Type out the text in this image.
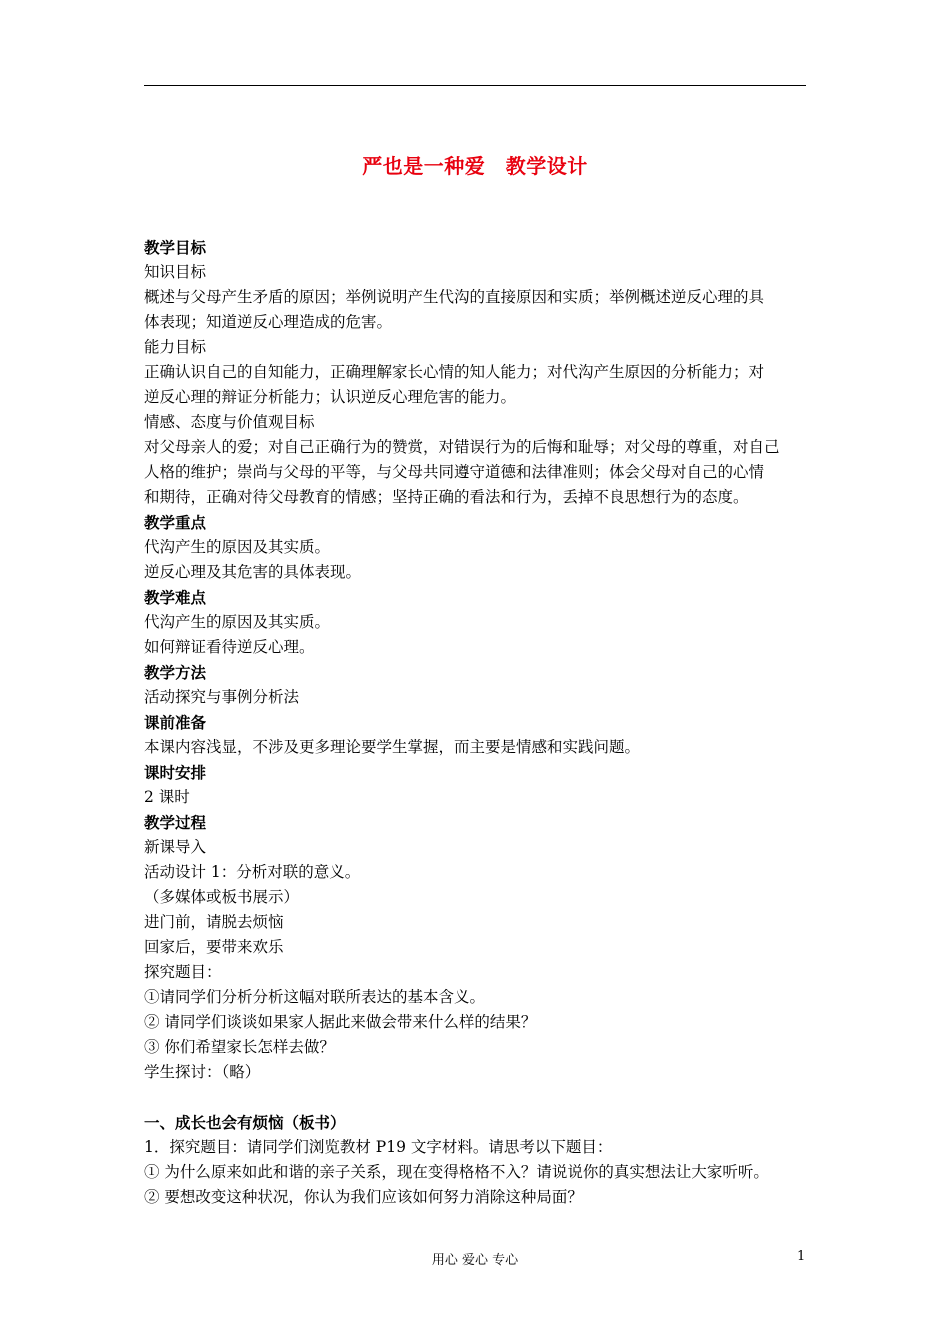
严也是一种爱　教学设计
教学目标
知识目标
概述与父母产生矛盾的原因；举例说明产生代沟的直接原因和实质；举例概述逆反心理的具
体表现；知道逆反心理造成的危害。
能力目标
正确认识自己的自知能力，正确理解家长心情的知人能力；对代沟产生原因的分析能力；对
逆反心理的辩证分析能力；认识逆反心理危害的能力。
情感、态度与价值观目标
对父母亲人的爱；对自己正确行为的赞赏，对错误行为的后悔和耻辱；对父母的尊重，对自己
人格的维护；崇尚与父母的平等，与父母共同遵守道德和法律准则；体会父母对自己的心情
和期待，正确对待父母教育的情感；坚持正确的看法和行为，丢掉不良思想行为的态度。
教学重点
代沟产生的原因及其实质。
逆反心理及其危害的具体表现。
教学难点
代沟产生的原因及其实质。
如何辩证看待逆反心理。
教学方法
活动探究与事例分析法
课前准备
本课内容浅显，不涉及更多理论要学生掌握，而主要是情感和实践问题。
课时安排
2 课时
教学过程
新课导入
活动设计 1：分析对联的意义。
（多媒体或板书展示）
进门前，请脱去烦恼
回家后，要带来欢乐
探究题目：
①请同学们分析分析这幅对联所表达的基本含义。
② 请同学们谈谈如果家人据此来做会带来什么样的结果？
③ 你们希望家长怎样去做？
学生探讨：（略）
一、成长也会有烦恼（板书）
1．探究题目：请同学们浏览教材 P19 文字材料。请思考以下题目：
① 为什么原来如此和谐的亲子关系，现在变得格格不入？请说说你的真实想法让大家听听。
② 要想改变这种状况，你认为我们应该如何努力消除这种局面？
用心 爱心 专心	1
